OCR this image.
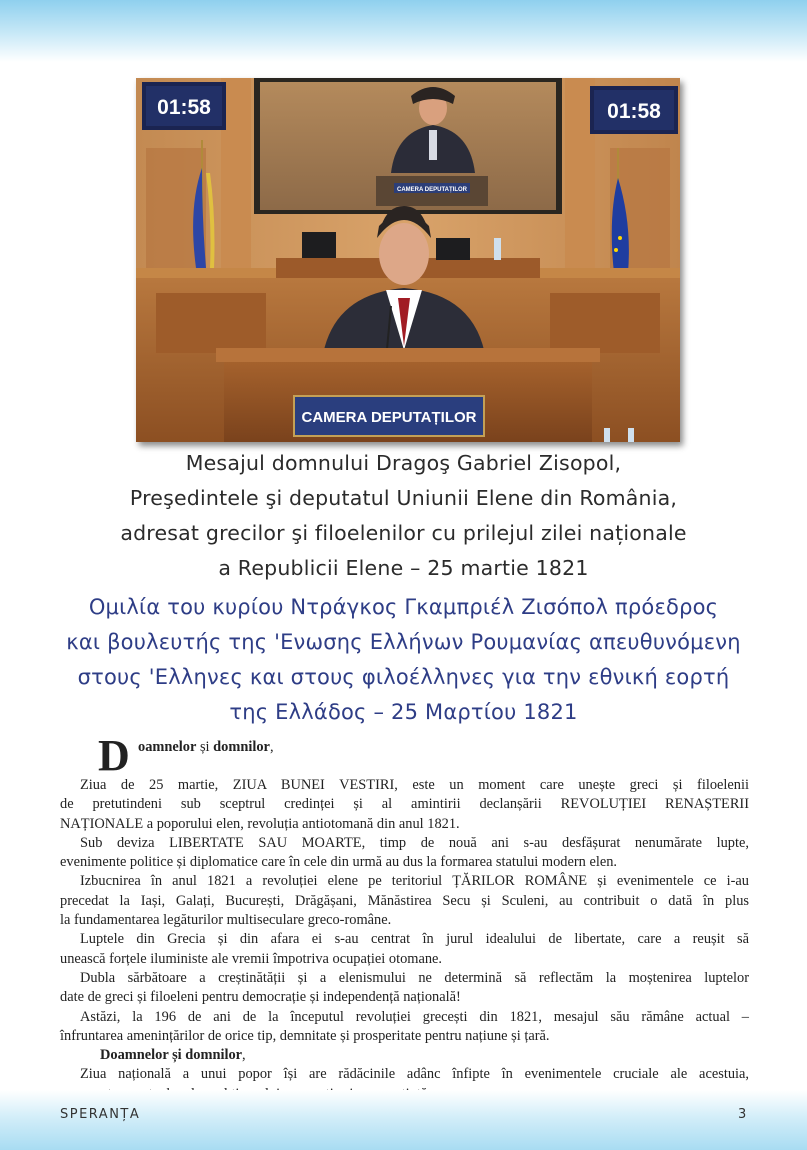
CAMERA DEPUTAȚILOR
01:58	01:58
CAMERA DEPUTAȚILOR
Mesajul domnului Dragoş Gabriel Zisopol,
Preşedintele şi deputatul Uniunii Elene din România,
adresat grecilor şi filoelenilor cu prilejul zilei naționale
a Republicii Elene – 25 martie 1821
Ομιλία του κυρίου Ντράγκος Γκαμπριέλ Ζισόπολ πρόεδρος
και βουλευτής της 'Ενωσης Ελλήνων Ρουμανίας απευθυνόμενη
στους 'Ελληνες και στους φιλοέλληνες για την εθνική εορτή
της Ελλάδος – 25 Μαρτίου 1821
D oamnelor și domnilor,
Ziua de 25 martie, ZIUA BUNEI VESTIRI, este un moment care unește greci și filoelenii
de pretutindeni sub sceptrul credinței și al amintirii declanșării REVOLUȚIEI RENAȘTERII
NAȚIONALE a poporului elen, revoluția antiotomană din anul 1821.
Sub deviza LIBERTATE SAU MOARTE, timp de nouă ani s-au desfășurat nenumărate lupte,
evenimente politice și diplomatice care în cele din urmă au dus la formarea statului modern elen.
Izbucnirea în anul 1821 a revoluției elene pe teritoriul ȚĂRILOR ROMÂNE și evenimentele ce i-au
precedat la Iași, Galați, București, Drăgășani, Mănăstirea Secu și Sculeni, au contribuit o dată în plus
la fundamentarea legăturilor multiseculare greco-române.
Luptele din Grecia și din afara ei s-au centrat în jurul idealului de libertate, care a reușit să
unească forțele iluministe ale vremii împotriva ocupației otomane.
Dubla sărbătoare a creștinătății și a elenismului ne determină să reflectăm la moștenirea luptelor
date de greci și filoeleni pentru democrație și independență națională!
Astăzi, la 196 de ani de la începutul revoluției grecești din 1821, mesajul său rămâne actual –
înfruntarea amenințărilor de orice tip, demnitate și prosperitate pentru națiune și țară.
Doamnelor și domnilor,
Ziua națională a unui popor își are rădăcinile adânc înfipte în evenimentele cruciale ale acestuia,
SPERANȚA	3
